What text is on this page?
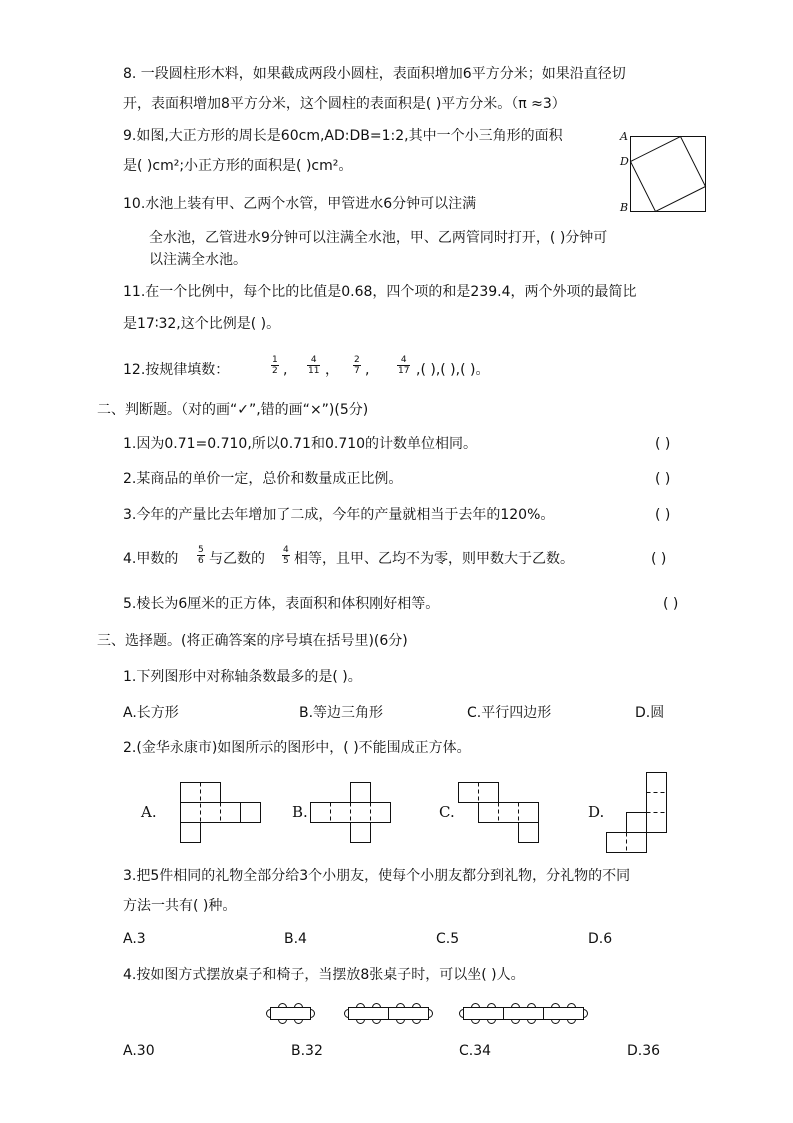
8. 一段圆柱形木料，如果截成两段小圆柱，表面积增加6平方分米；如果沿直径切
开，表面积增加8平方分米，这个圆柱的表面积是( )平方分米。（π ≈3）
9.如图,大正方形的周长是60cm,AD:DB=1:2,其中一个小三角形的面积
是( )cm²;小正方形的面积是( )cm²。
A
D
B
10.水池上装有甲、乙两个水管，甲管进水6分钟可以注满
全水池，乙管进水9分钟可以注满全水池，甲、乙两管同时打开，( )分钟可
以注满全水池。
11.在一个比例中，每个比的比值是0.68，四个项的和是239.4，两个外项的最简比
是17∶32,这个比例是( )。
12.按规律填数：	$\frac{1}{2}$ , $\frac{4}{11}$ ， $\frac{2}{7}$ ,	$\frac{4}{17}$ ,( ),( ),( )。
二、判断题。（对的画“✓”,错的画“×”)(5分)
1.因为0.71=0.710,所以0.71和0.710的计数单位相同。	( )
2.某商品的单价一定，总价和数量成正比例。	( )
3.今年的产量比去年增加了二成，今年的产量就相当于去年的120%。	( )
4.甲数的 $\frac{5}{6}$ 与乙数的 $\frac{4}{5}$ 相等，且甲、乙均不为零，则甲数大于乙数。	( )
5.棱长为6厘米的正方体，表面积和体积刚好相等。	( )
三、选择题。(将正确答案的序号填在括号里)(6分)
1.下列图形中对称轴条数最多的是( )。
A.长方形	B.等边三角形	C.平行四边形	D.圆
2.(金华永康市)如图所示的图形中，( )不能围成正方体。
A.	B.	C.	D.
3.把5件相同的礼物全部分给3个小朋友，使每个小朋友都分到礼物，分礼物的不同
方法一共有( )种。
A.3	B.4	C.5	D.6
4.按如图方式摆放桌子和椅子，当摆放8张桌子时，可以坐( )人。
A.30	B.32	C.34	D.36
